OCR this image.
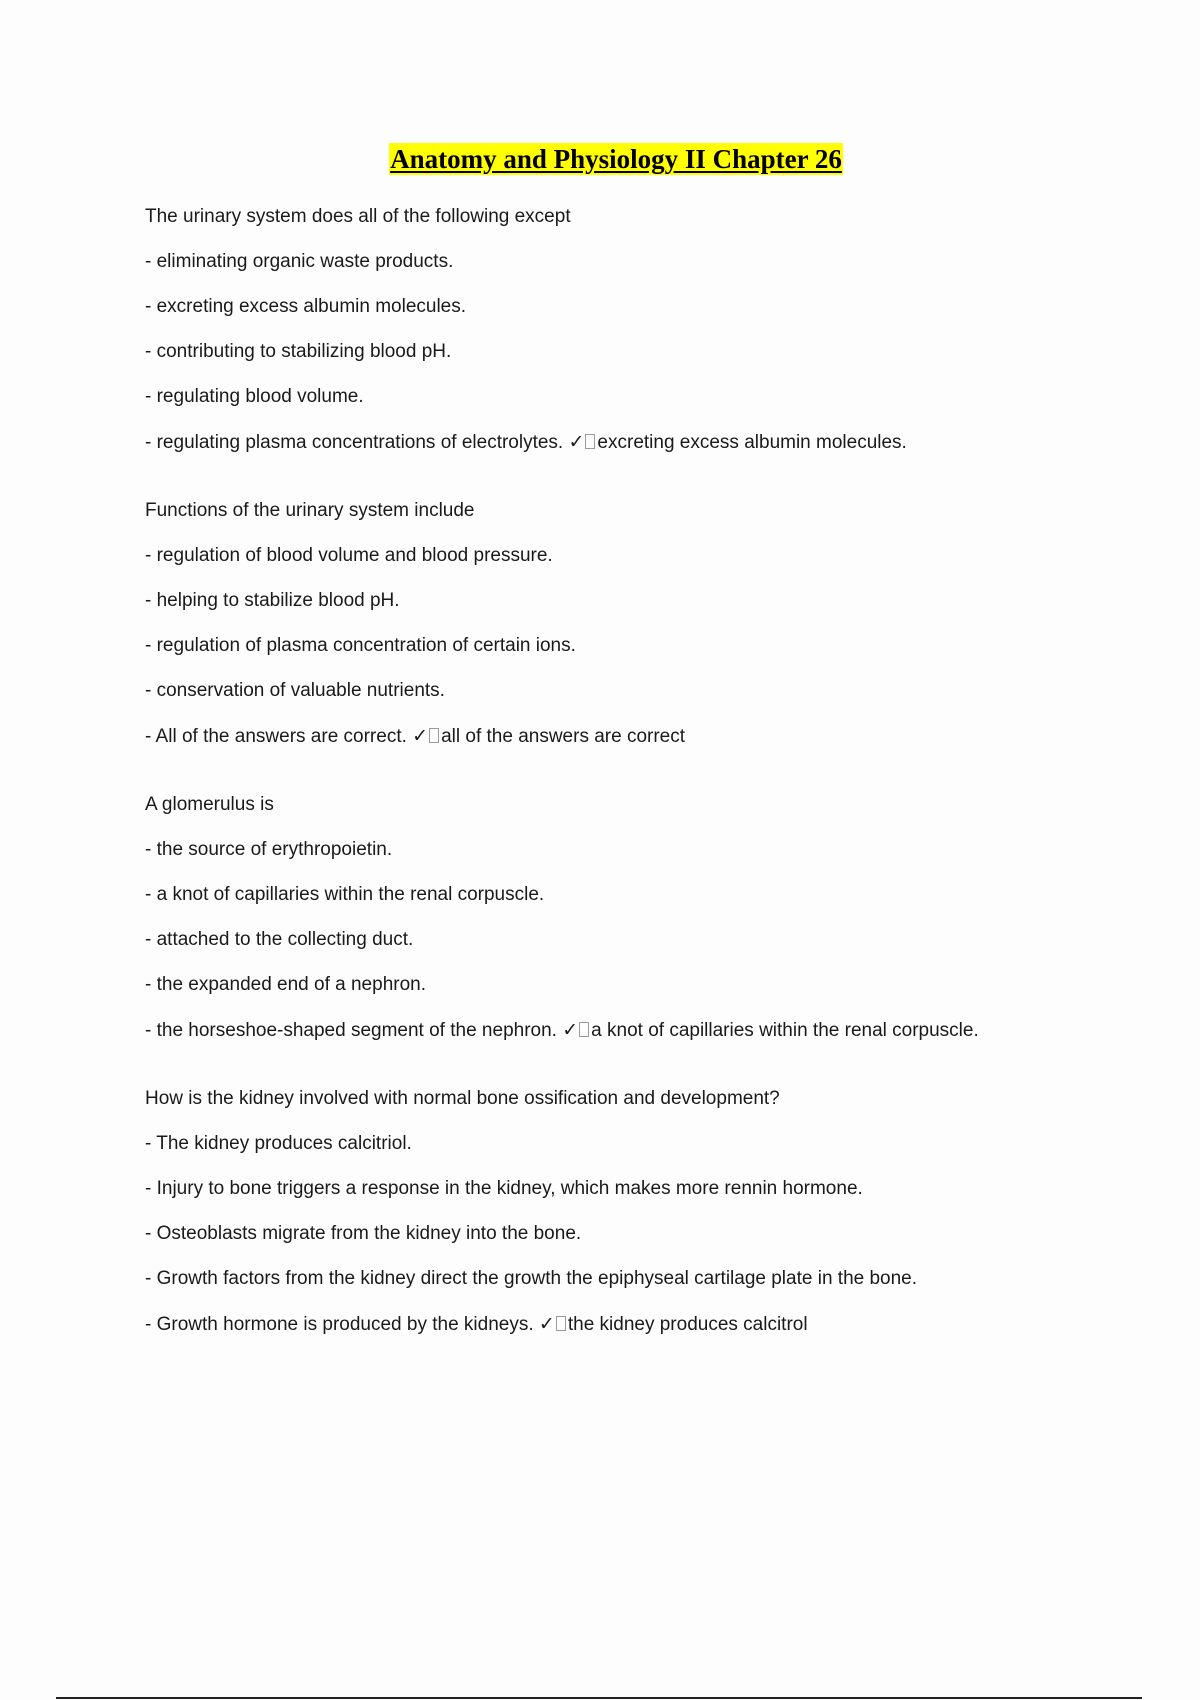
Anatomy and Physiology II Chapter 26
The urinary system does all of the following except
- eliminating organic waste products.
- excreting excess albumin molecules.
- contributing to stabilizing blood pH.
- regulating blood volume.
- regulating plasma concentrations of electrolytes. ✓ excreting excess albumin molecules.
Functions of the urinary system include
- regulation of blood volume and blood pressure.
- helping to stabilize blood pH.
- regulation of plasma concentration of certain ions.
- conservation of valuable nutrients.
- All of the answers are correct. ✓ all of the answers are correct
A glomerulus is
- the source of erythropoietin.
- a knot of capillaries within the renal corpuscle.
- attached to the collecting duct.
- the expanded end of a nephron.
- the horseshoe-shaped segment of the nephron. ✓ a knot of capillaries within the renal corpuscle.
How is the kidney involved with normal bone ossification and development?
- The kidney produces calcitriol.
- Injury to bone triggers a response in the kidney, which makes more rennin hormone.
- Osteoblasts migrate from the kidney into the bone.
- Growth factors from the kidney direct the growth the epiphyseal cartilage plate in the bone.
- Growth hormone is produced by the kidneys. ✓ the kidney produces calcitrol
